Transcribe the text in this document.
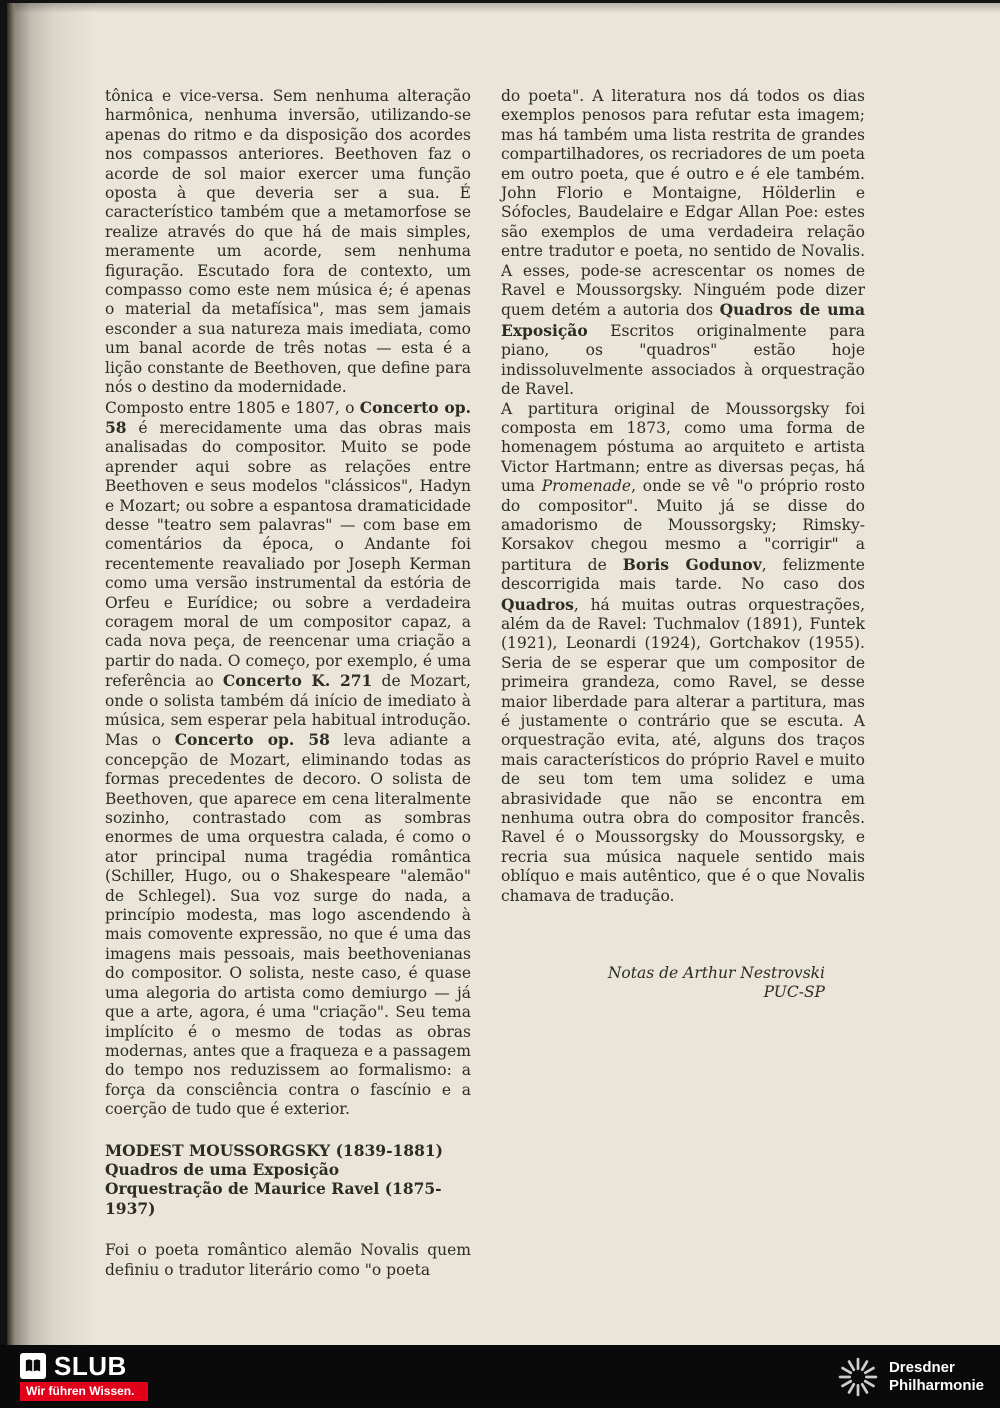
tônica e vice-versa. Sem nenhuma alteração harmônica, nenhuma inversão, utilizando-se apenas do ritmo e da disposição dos acordes nos compassos anteriores. Beethoven faz o acorde de sol maior exercer uma função oposta à que deveria ser a sua. É característico também que a metamorfose se realize através do que há de mais simples, meramente um acorde, sem nenhuma figuração. Escutado fora de contexto, um compasso como este nem música é; é apenas o material da metafísica", mas sem jamais esconder a sua natureza mais imediata, como um banal acorde de três notas — esta é a lição constante de Beethoven, que define para nós o destino da modernidade.

Composto entre 1805 e 1807, o Concerto op. 58 é merecidamente uma das obras mais analisadas do compositor. Muito se pode aprender aqui sobre as relações entre Beethoven e seus modelos "clássicos", Hadyn e Mozart; ou sobre a espantosa dramaticidade desse "teatro sem palavras" — com base em comentários da época, o Andante foi recentemente reavaliado por Joseph Kerman como uma versão instrumental da estória de Orfeu e Eurídice; ou sobre a verdadeira coragem moral de um compositor capaz, a cada nova peça, de reencenar uma criação a partir do nada. O começo, por exemplo, é uma referência ao Concerto K. 271 de Mozart, onde o solista também dá início de imediato à música, sem esperar pela habitual introdução. Mas o Concerto op. 58 leva adiante a concepção de Mozart, eliminando todas as formas precedentes de decoro. O solista de Beethoven, que aparece em cena literalmente sozinho, contrastado com as sombras enormes de uma orquestra calada, é como o ator principal numa tragédia romântica (Schiller, Hugo, ou o Shakespeare "alemão" de Schlegel). Sua voz surge do nada, a princípio modesta, mas logo ascendendo à mais comovente expressão, no que é uma das imagens mais pessoais, mais beethovenianas do compositor. O solista, neste caso, é quase uma alegoria do artista como demiurgo — já que a arte, agora, é uma "criação". Seu tema implícito é o mesmo de todas as obras modernas, antes que a fraqueza e a passagem do tempo nos reduzissem ao formalismo: a força da consciência contra o fascínio e a coerção de tudo que é exterior.

MODEST MOUSSORGSKY (1839-1881)
Quadros de uma Exposição
Orquestração de Maurice Ravel (1875-1937)

Foi o poeta romântico alemão Novalis quem definiu o tradutor literário como "o poeta

do poeta". A literatura nos dá todos os dias exemplos penosos para refutar esta imagem; mas há também uma lista restrita de grandes compartilhadores, os recriadores de um poeta em outro poeta, que é outro e é ele também. John Florio e Montaigne, Hölderlin e Sófocles, Baudelaire e Edgar Allan Poe: estes são exemplos de uma verdadeira relação entre tradutor e poeta, no sentido de Novalis. A esses, pode-se acrescentar os nomes de Ravel e Moussorgsky. Ninguém pode dizer quem detém a autoria dos Quadros de uma Exposição Escritos originalmente para piano, os "quadros" estão hoje indissoluvelmente associados à orquestração de Ravel.

A partitura original de Moussorgsky foi composta em 1873, como uma forma de homenagem póstuma ao arquiteto e artista Victor Hartmann; entre as diversas peças, há uma Promenade, onde se vê "o próprio rosto do compositor". Muito já se disse do amadorismo de Moussorgsky; Rimsky-Korsakov chegou mesmo a "corrigir" a partitura de Boris Godunov, felizmente descorrigida mais tarde. No caso dos Quadros, há muitas outras orquestrações, além da de Ravel: Tuchmalov (1891), Funtek (1921), Leonardi (1924), Gortchakov (1955). Seria de se esperar que um compositor de primeira grandeza, como Ravel, se desse maior liberdade para alterar a partitura, mas é justamente o contrário que se escuta. A orquestração evita, até, alguns dos traços mais característicos do próprio Ravel e muito de seu tom tem uma solidez e uma abrasividade que não se encontra em nenhuma outra obra do compositor francês. Ravel é o Moussorgsky do Moussorgsky, e recria sua música naquele sentido mais oblíquo e mais autêntico, que é o que Novalis chamava de tradução.

Notas de Arthur Nestrovski
PUC-SP
SLUB
Wir führen Wissen.
Dresdner
Philharmonie
